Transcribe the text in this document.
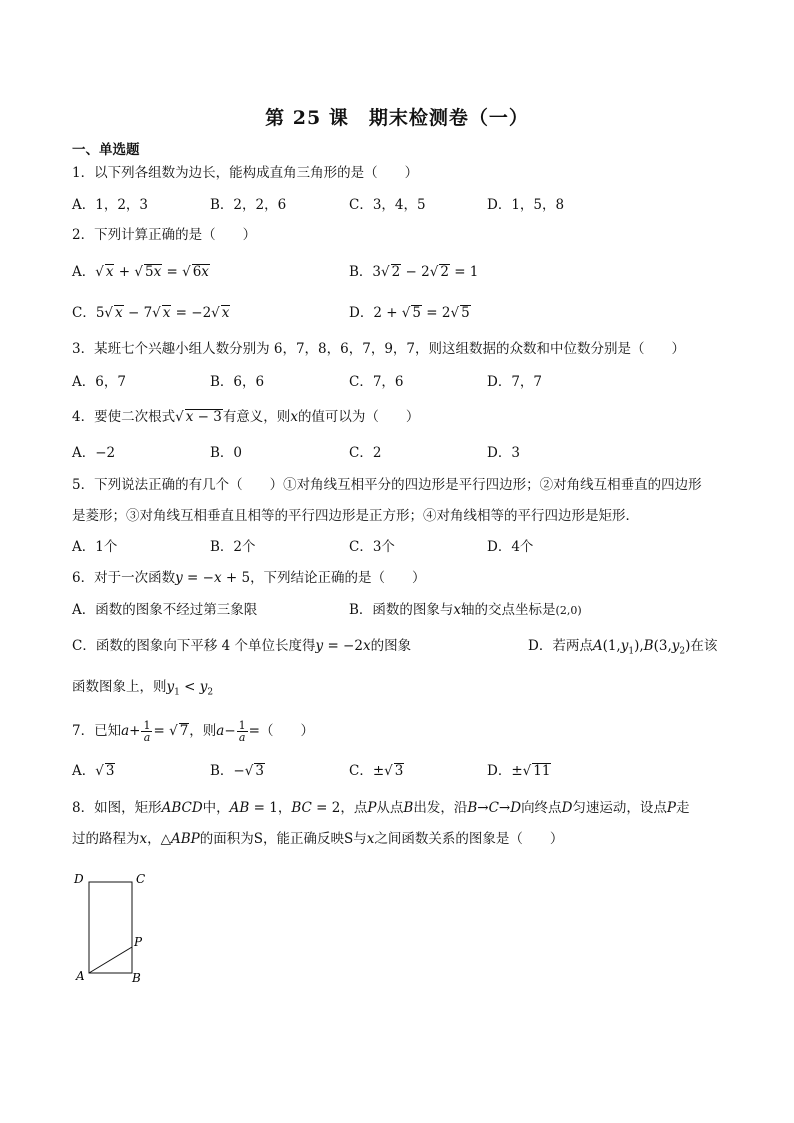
第 25 课　期末检测卷（一）
一、单选题
1．以下列各组数为边长，能构成直角三角形的是（　　）
A．1，2，3	B．2，2，6	C．3，4，5	D．1，5，8
2．下列计算正确的是（　　）
A．√ x + √ 5x = √ 6x	B．3√ 2 − 2√ 2 = 1
C．5√ x − 7√ x = −2√ x	D．2 + √ 5 = 2√ 5
3．某班七个兴趣小组人数分别为 6，7，8，6，7，9，7，则这组数据的众数和中位数分别是（　　）
A．6，7	B．6，6	C．7，6	D．7，7
4．要使二次根式√ x − 3有意义，则x的值可以为（　　）
A．−2	B．0	C．2	D．3
5．下列说法正确的有几个（　　）①对角线互相平分的四边形是平行四边形；②对角线互相垂直的四边形
是菱形；③对角线互相垂直且相等的平行四边形是正方形；④对角线相等的平行四边形是矩形．
A．1个	B．2个	C．3个	D．4个
6．对于一次函数y = −x + 5，下列结论正确的是（　　）
A．函数的图象不经过第三象限	B．函数的图象与x轴的交点坐标是(2,0)
C．函数的图象向下平移 4 个单位长度得y = −2x的图象	D．若两点$A(1,y_1),B(3,y_2)$在该
函数图象上，则$y_1 < y_2$
7．已知$a+ \frac{1}{a}$ = √ 7，则$a- \frac{1}{a}$ =（　　）
A．√ 3	B．−√ 3	C．±√ 3	D．±√ 11
8．如图，矩形ABCD中，AB = 1，BC = 2，点P从点B出发，沿B→C→D向终点D匀速运动，设点P走
过的路程为x，△ABP的面积为S，能正确反映S与x之间函数关系的图象是（　　）
D	C
P
A	B
